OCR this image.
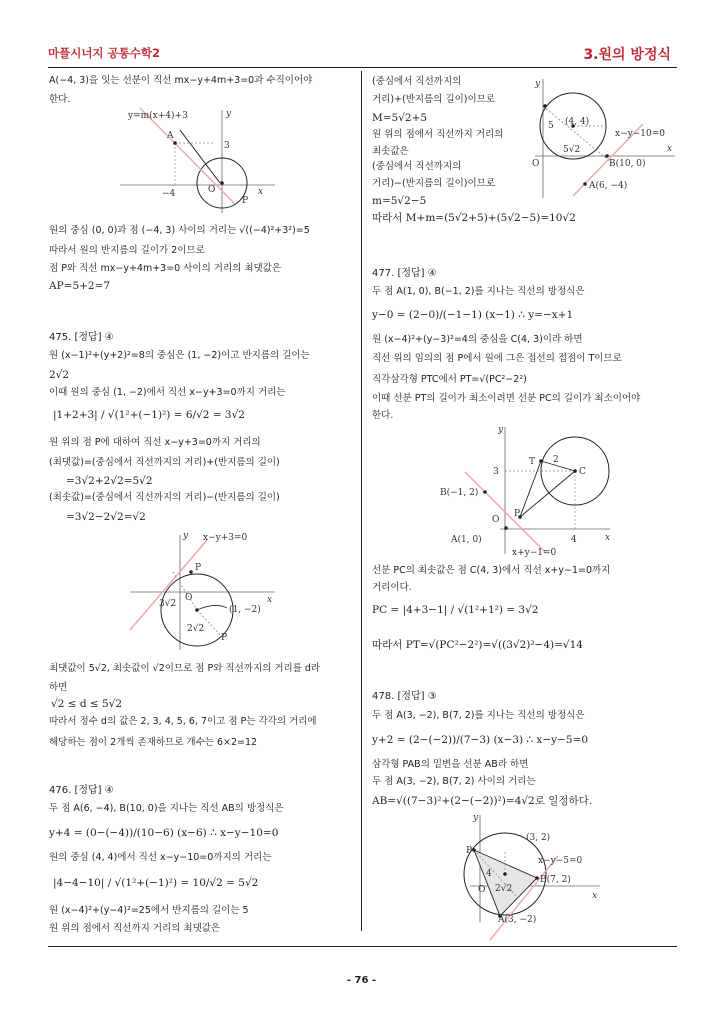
마플시너지 공통수학2	3.원의 방정식
A(−4, 3)을 잇는 선분이 직선 mx−y+4m+3=0과 수직이어야
한다.
y=m(x+4)+3
A
3
−4	O
P
x
y
원의 중심 (0, 0)과 점 (−4, 3) 사이의 거리는 √((−4)²+3²)=5
따라서 원의 반지름의 길이가 2이므로
점 P와 직선 mx−y+4m+3=0 사이의 거리의 최댓값은
AP=5+2=7
475. [정답] ④
원 (x−1)²+(y+2)²=8의 중심은 (1, −2)이고 반지름의 길이는
2√2
이때 원의 중심 (1, −2)에서 직선 x−y+3=0까지 거리는
|1+2+3| / √(1²+(−1)²) = 6/√2 = 3√2
원 위의 점 P에 대하여 직선 x−y+3=0까지 거리의
(최댓값)=(중심에서 직선까지의 거리)+(반지름의 길이)
=3√2+2√2=5√2
(최솟값)=(중심에서 직선까지의 거리)−(반지름의 길이)
=3√2−2√2=√2
x−y+3=0
P
O
3√2
(1, −2)
2√2
P
x
y
최댓값이 5√2, 최솟값이 √2이므로 점 P와 직선까지의 거리를 d라
하면
√2 ≤ d ≤ 5√2
따라서 정수 d의 값은 2, 3, 4, 5, 6, 7이고 점 P는 각각의 거리에
해당하는 점이 2개씩 존재하므로 개수는 6×2=12
476. [정답] ④
두 점 A(6, −4), B(10, 0)을 지나는 직선 AB의 방정식은
y+4 = (0−(−4))/(10−6) (x−6) ∴ x−y−10=0
원의 중심 (4, 4)에서 직선 x−y−10=0까지의 거리는
|4−4−10| / √(1²+(−1)²) = 10/√2 = 5√2
원 (x−4)²+(y−4)²=25에서 반지름의 길이는 5
원 위의 점에서 직선까지 거리의 최댓값은
(중심에서 직선까지의
거리)+(반지름의 길이)이므로
M=5√2+5
원 위의 점에서 직선까지 거리의
최솟값은
(중심에서 직선까지의
거리)−(반지름의 길이)이므로
m=5√2−5
따라서 M+m=(5√2+5)+(5√2−5)=10√2
5 (4, 4)
5√2
x−y−10=0
O	B(10, 0)
A(6, −4)
x
y
477. [정답] ④
두 점 A(1, 0), B(−1, 2)를 지나는 직선의 방정식은
y−0 = (2−0)/(−1−1) (x−1) ∴ y=−x+1
원 (x−4)²+(y−3)²=4의 중심을 C(4, 3)이라 하면
직선 위의 임의의 점 P에서 원에 그은 접선의 접점이 T이므로
직각삼각형 PTC에서 PT=√(PC²−2²)
이때 선분 PT의 길이가 최소이려면 선분 PC의 길이가 최소이어야
한다.
T 2
C
B(−1, 2)
3
O
P
4
A(1, 0)
x+y−1=0
x
y
선분 PC의 최솟값은 점 C(4, 3)에서 직선 x+y−1=0까지
거리이다.
PC = |4+3−1| / √(1²+1²) = 3√2
따라서 PT=√(PC²−2²)=√((3√2)²−4)=√14
478. [정답] ③
두 점 A(3, −2), B(7, 2)를 지나는 직선의 방정식은
y+2 = (2−(−2))/(7−3) (x−3) ∴ x−y−5=0
삼각형 PAB의 밑변을 선분 AB라 하면
두 점 A(3, −2), B(7, 2) 사이의 거리는
AB=√((7−3)²+(2−(−2))²)=4√2로 일정하다.
(3, 2)
P
x−y−5=0
4
O 2√2
B(7, 2)
A(3, −2)
x
y
- 76 -
